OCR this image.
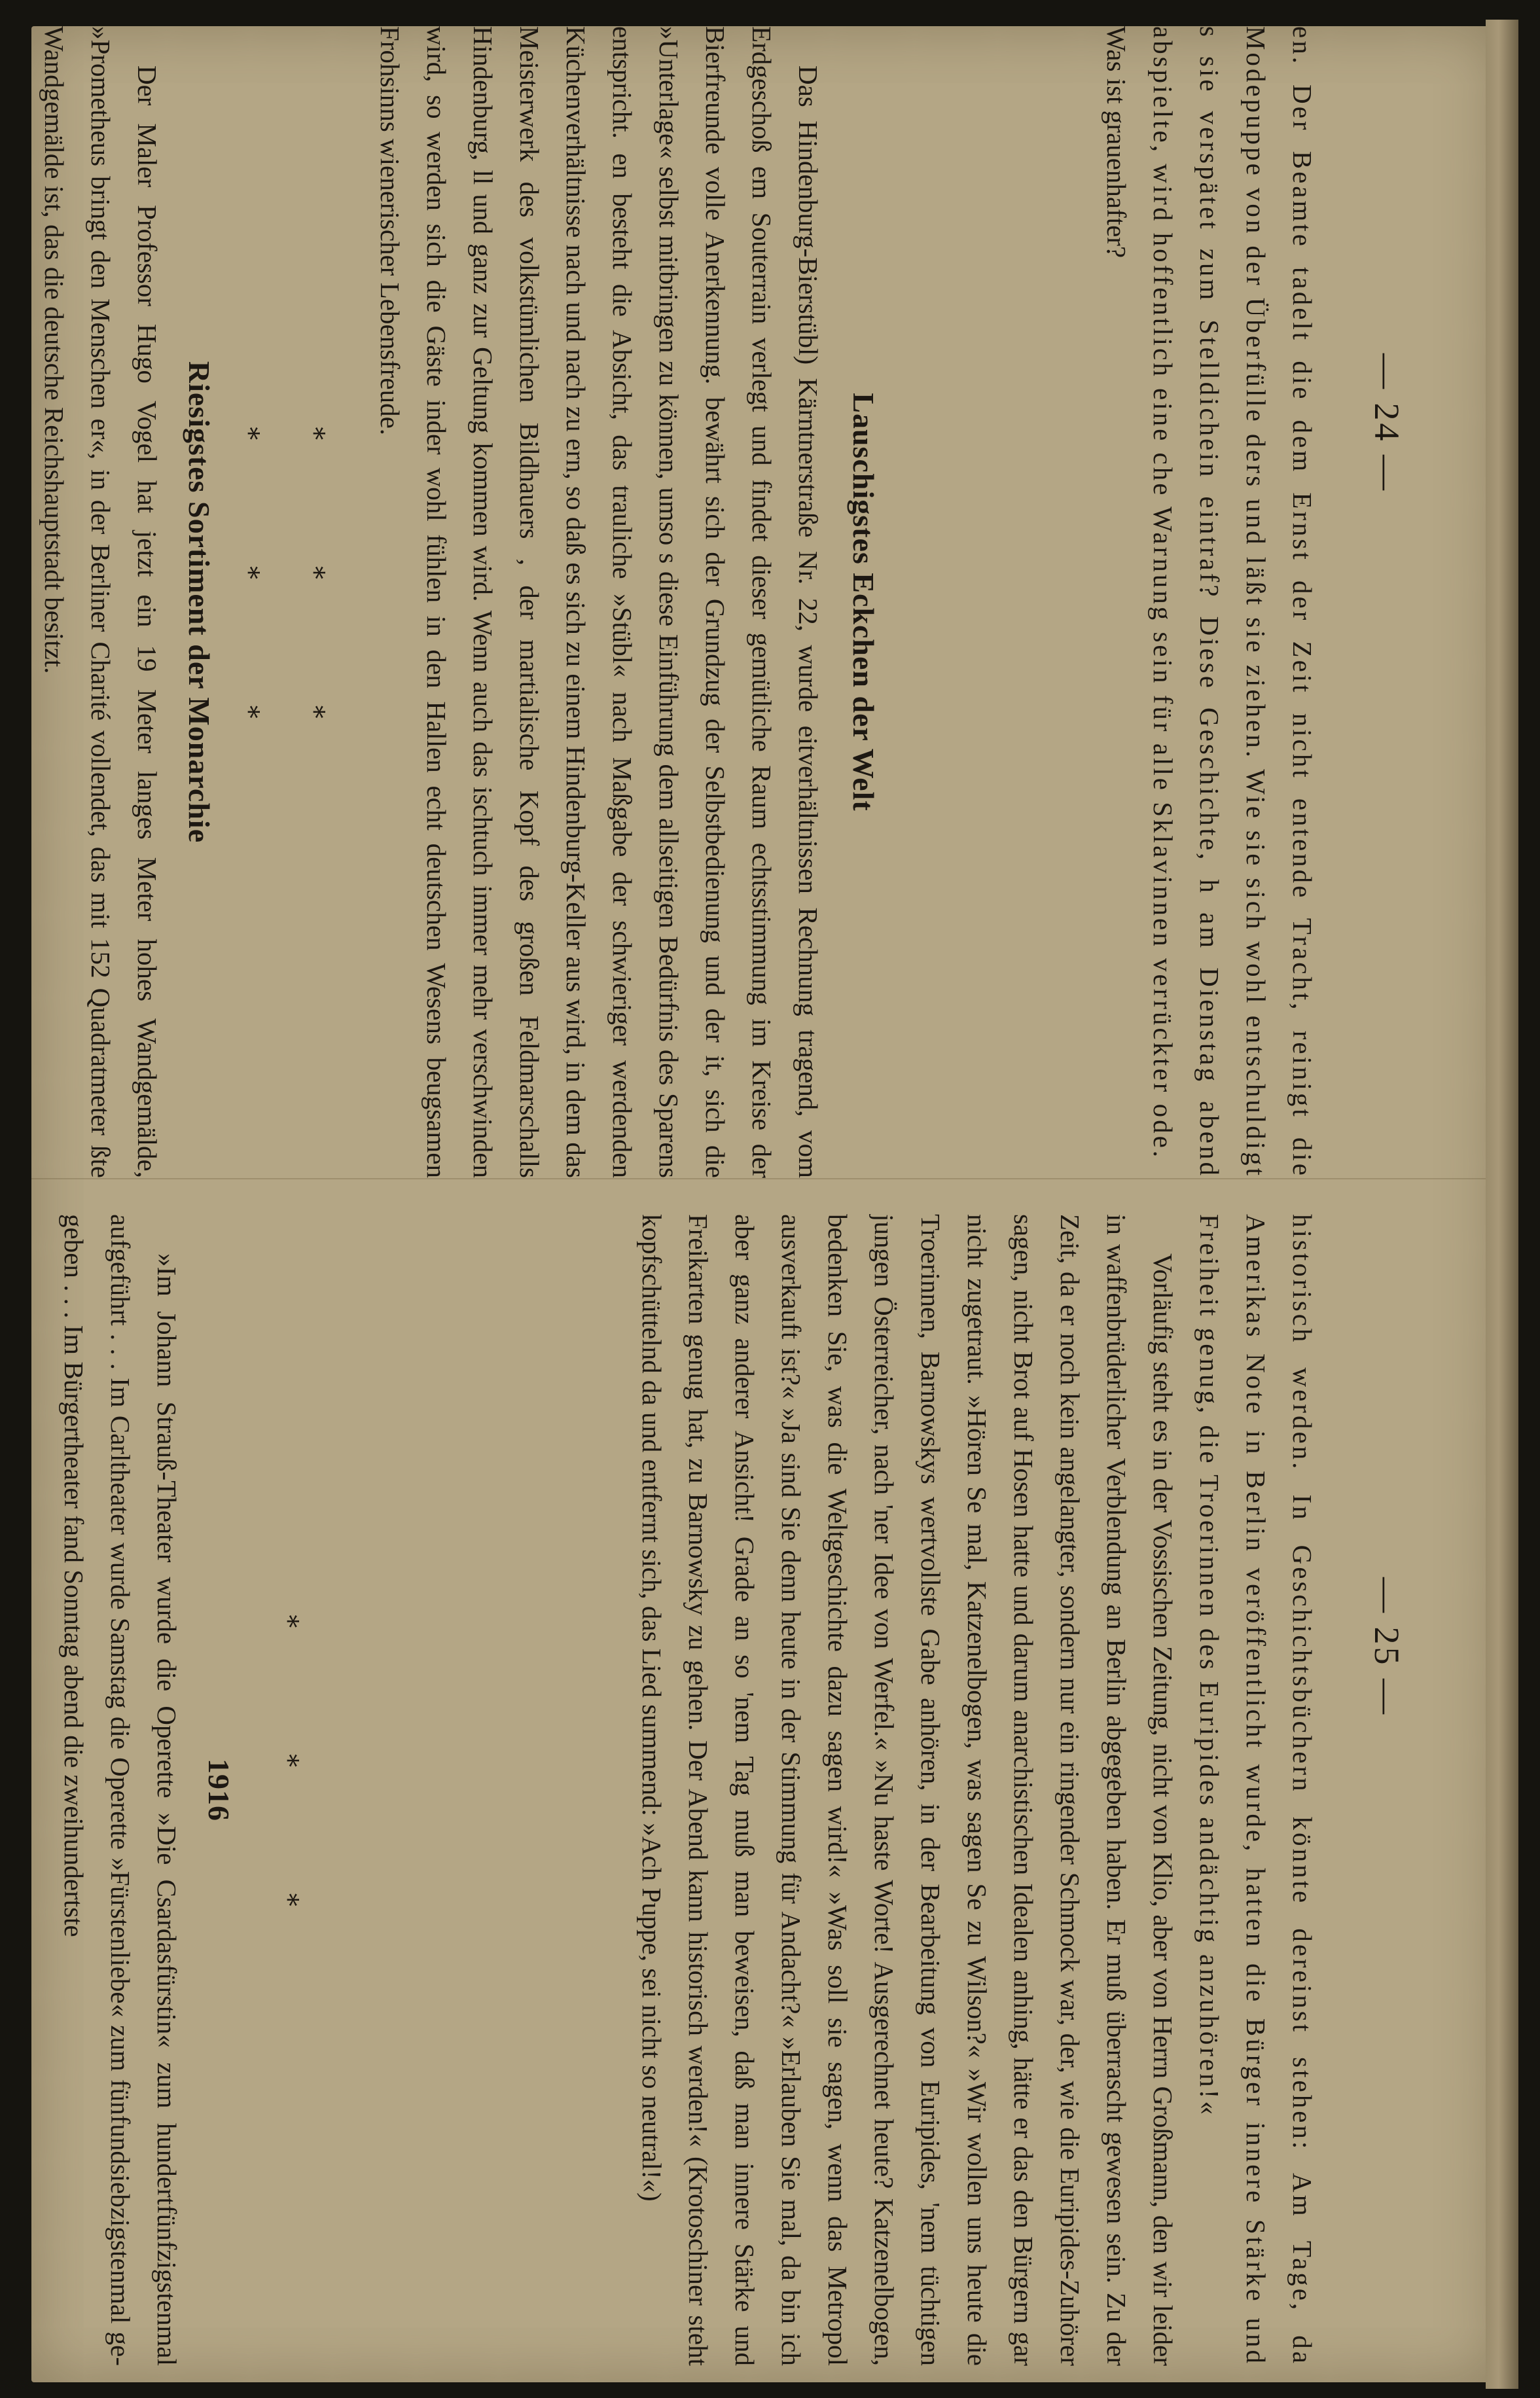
— 24 —

en. Der Beamte tadelt die dem Ernst der Zeit nicht entende Tracht, reinigt die Modepuppe von der Überfülle ders und läßt sie ziehen. Wie sie sich wohl entschuldigt s sie verspätet zum Stelldichein eintraf? Diese Geschichte, h am Dienstag abend abspielte, wird hoffentlich eine che Warnung sein für alle Sklavinnen verrückter ode.

Was ist grauenhafter?

* * *	Lauschigstes Eckchen der Welt

Das Hindenburg-Bierstübl) Kärntnerstraße Nr. 22, wurde eitverhältnissen Rechnung tragend, vom Erdgeschoß em Souterrain verlegt und findet dieser gemütliche Raum echtsstimmung im Kreise der Bierfreunde volle Anerkennung. bewährt sich der Grundzug der Selbstbedienung und der it, sich die »Unterlage« selbst mitbringen zu können, umso s diese Einführung dem allseitigen Bedürfnis des Sparens entspricht. en besteht die Absicht, das trauliche »Stübl« nach Maßgabe der schwieriger werdenden Küchenverhältnisse nach und nach zu ern, so daß es sich zu einem Hindenburg-Keller aus wird, in dem das Meisterwerk des volkstümlichen Bildhauers , der martialische Kopf des großen Feldmarschalls Hindenburg, ll und ganz zur Geltung kommen wird. Wenn auch das ischtuch immer mehr verschwinden wird, so werden sich die Gäste inder wohl fühlen in den Hallen echt deutschen Wesens beugsamen Frohsinns wienerischer Lebensfreude.

* * *
Riesigstes Sortiment der Monarchie

Der Maler Professor Hugo Vogel hat jetzt ein 19 Meter langes Meter hohes Wandgemälde, »Prometheus bringt den Menschen er«, in der Berliner Charité vollendet, das mit 152 Quadratmeter ßte Wandgemälde ist, das die deutsche Reichshauptstadt besitzt.

— 25 —

historisch werden. In Geschichtsbüchern könnte dereinst stehen: Am Tage, da Amerikas Note in Berlin veröffentlicht wurde, hatten die Bürger innere Stärke und Freiheit genug, die Troerinnen des Euripides andächtig anzuhören!«

Vorläufig steht es in der Vossischen Zeitung, nicht von Klio, aber von Herrn Großmann, den wir leider in waffenbrüderlicher Verblendung an Berlin abgegeben haben. Er muß überrascht gewesen sein. Zu der Zeit, da er noch kein angelangter, sondern nur ein ringender Schmock war, der, wie die Euripides-Zuhörer sagen, nicht Brot auf Hosen hatte und darum anarchistischen Idealen anhing, hätte er das den Bürgern gar nicht zugetraut. »Hören Se mal, Katzenelbogen, was sagen Se zu Wilson?« »Wir wollen uns heute die Troerinnen, Barnowskys wertvollste Gabe anhören, in der Bearbeitung von Euripides, 'nem tüchtigen jungen Österreicher, nach 'ner Idee von Werfel.« »Nu haste Worte! Ausgerechnet heute? Katzenelbogen, bedenken Sie, was die Weltgeschichte dazu sagen wird!« »Was soll sie sagen, wenn das Metropol ausverkauft ist?« »Ja sind Sie denn heute in der Stimmung für Andacht?« »Erlauben Sie mal, da bin ich aber ganz anderer Ansicht! Grade an so 'nem Tag muß man beweisen, daß man innere Stärke und Freikarten genug hat, zu Barnowsky zu gehen. Der Abend kann historisch werden!« (Krotoschiner steht kopfschüttelnd da und entfernt sich, das Lied summend: »Ach Puppe, sei nicht so neutral!«)

* * *
1916

»Im Johann Strauß-Theater wurde die Operette »Die Csardasfürstin« zum hundertfünfzigstenmal aufgeführt . . . Im Carltheater wurde Samstag die Operette »Fürstenliebe« zum fünfundsiebzigstenmal gegeben . . . Im Bürgertheater fand Sonntag abend die zweihundertste
